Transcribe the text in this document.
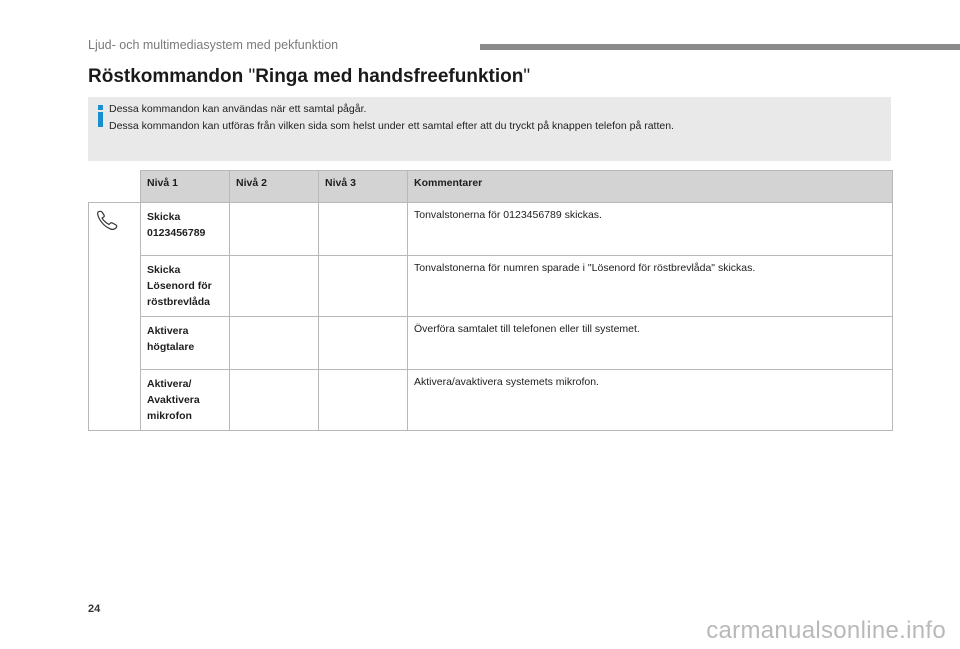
Ljud- och multimediasystem med pekfunktion
Röstkommandon "Ringa med handsfreefunktion"
Dessa kommandon kan användas när ett samtal pågår.
Dessa kommandon kan utföras från vilken sida som helst under ett samtal efter att du tryckt på knappen telefon på ratten.
	Nivå 1	Nivå 2	Nivå 3	Kommentarer

Skicka
0123456789			Tonvalstonerna för 0123456789 skickas.

	Skicka
Lösenord för
röstbrevlåda			Tonvalstonerna för numren sparade i "Lösenord för röstbrevlåda" skickas.

	Aktivera
högtalare			Överföra samtalet till telefonen eller till systemet.

	Aktivera/
Avaktivera
mikrofon			Aktivera/avaktivera systemets mikrofon.
24
carmanualsonline.info
